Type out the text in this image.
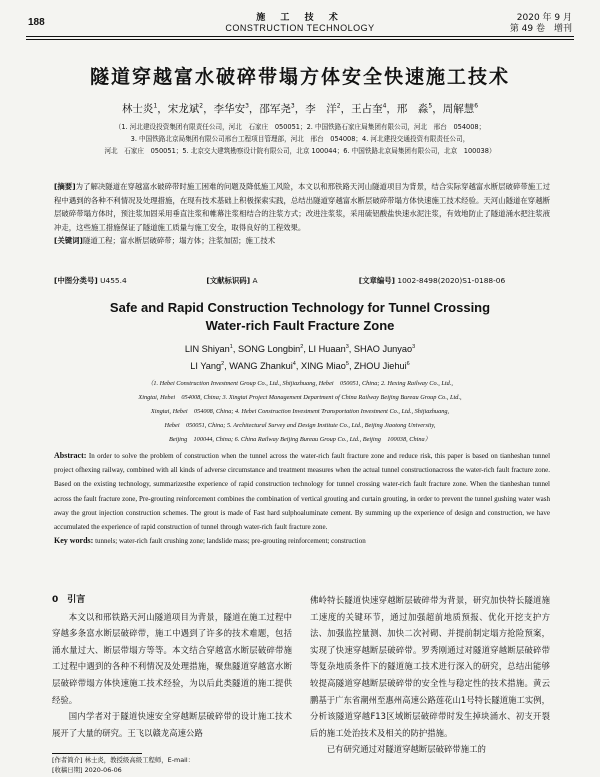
188	施 工 技 术
CONSTRUCTION TECHNOLOGY
2020 年 9 月
第 49 卷　增刊
隧道穿越富水破碎带塌方体安全快速施工技术
林士炎$^1$，宋龙斌$^2$，李华安$^3$，邵军尧$^3$，李　洋$^2$，王占奎$^4$，邢　淼$^5$，周解慧$^6$
（1. 河北建设投资集团有限责任公司，河北　石家庄　050051；2. 中国铁路石家庄局集团有限公司，河北　邢台　054008；
3. 中国铁路北京局集团有限公司邢台工程项目管理部，河北　邢台　054008；4. 河北建投交通投资有限责任公司，
河北　石家庄　050051；5. 北京交大建筑勘察设计院有限公司，北京 100044；6. 中国铁路北京局集团有限公司，北京　100038）
[摘要]为了解决隧道在穿越富水破碎带时施工困难的问题及降低施工风险，本文以和邢铁路天河山隧道项目为背景，结合实际穿越富水断层破碎带施工过程中遇到的各种不利情况及处理措施，在现有技术基础上积极探索实践，总结出隧道穿越富水断层破碎带塌方体快速施工技术经验。天河山隧道在穿越断层破碎带塌方体时，预注浆加固采用垂直注浆和帷幕注浆相结合的注浆方式；改进注浆浆，采用硫铝酸盐快速水泥注浆，有效地防止了隧道涌水把注浆液冲走，这些施工措施保证了隧道施工质量与施工安全，取得良好的工程效果。
[关键词]隧道工程；富水断层破碎带；塌方体；注浆加固；施工技术
[中图分类号] U455.4	[文献标识码] A	[文章编号] 1002-8498(2020)S1-0188-06
Safe and Rapid Construction Technology for Tunnel Crossing
Water-rich Fault Fracture Zone
LIN Shiyan$^1$, SONG Longbin$^2$, LI Huaan$^3$, SHAO Junyao$^3$
LI Yang$^2$, WANG Zhankui$^4$, XING Miao$^5$, ZHOU Jiehui$^6$
（1. Hebei Construction Investment Group Co., Ltd., Shijiazhuang, Hebei　050051, China; 2. Hexing Railway Co., Ltd.,
Xingtai, Hebei　054008, China; 3. Xingtai Project Management Department of China Railway Beijing Bureau Group Co., Ltd.,
Xingtai, Hebei　054008, China; 4. Hebei Construction Investment Transportation Investment Co., Ltd., Shijiazhuang,
Hebei　050051, China; 5. Architectural Survey and Design Institute Co., Ltd., Beijing Jiaotong University,
Beijing　100044, China; 6. China Railway Beijing Bureau Group Co., Ltd., Beijing　100038, China）
Abstract: In order to solve the problem of construction when the tunnel across the water-rich fault fracture zone and reduce risk, this paper is based on tianheshan tunnel project ofhexing railway, combined with all kinds of adverse circumstance and treatment measures when the actual tunnel constructionacross the water-rich fault fracture zone. Based on the existing technology, summarizesthe experience of rapid construction technology for tunnel crossing water-rich fault fracture zone. When the tianheshan tunnel across the fault fracture zone, Pre-grouting reinforcement combines the combination of vertical grouting and curtain grouting, in order to prevent the tunnel gushing water wash away the grout injection construction schemes. The grout is made of Fast hard sulphoaluminate cement. By summing up the experience of design and construction, we have accumulated the experience of rapid construction of tunnel through water-rich fault fracture zone.
Key words: tunnels; water-rich fault crushing zone; landslide mass; pre-grouting reinforcement; construction
0　引言
本文以和邢铁路天河山隧道项目为背景，隧道在施工过程中穿越多条富水断层破碎带，施工中遇到了许多的技术难题，包括涌水量过大、断层带塌方等等。本文结合穿越富水断层破碎带施工过程中遇到的各种不利情况及处理措施，聚焦隧道穿越富水断层破碎带塌方体快速施工技术经验，为以后此类隧道的施工提供经验。
国内学者对于隧道快速安全穿越断层破碎带的设计施工技术展开了大量的研究。王飞以赣龙高速公路
佛岭特长隧道快速穿越断层破碎带为背景，研究加快特长隧道施工速度的关键环节，通过加强超前地质预报、优化开挖支护方法、加强监控量测、加快二次衬砌、并提前制定塌方抢险预案，实现了快速穿越断层破碎带。罗秀刚通过对隧道穿越断层破碎带等复杂地质条件下的隧道施工技术进行深入的研究，总结出能够较提高隧道穿越断层破碎带的安全性与稳定性的技术措施。黄云鹏基于广东省潮州至惠州高速公路莲花山1号特长隧道施工实例，分析该隧道穿越F13区域断层破碎带时发生掉块涌水、初支开裂后的施工处治技术及相关的防护措施。
已有研究通过对隧道穿越断层破碎带施工的
[作者简介] 林士炎，教授级高级工程师，E-mail：
[收稿日期] 2020-06-06
